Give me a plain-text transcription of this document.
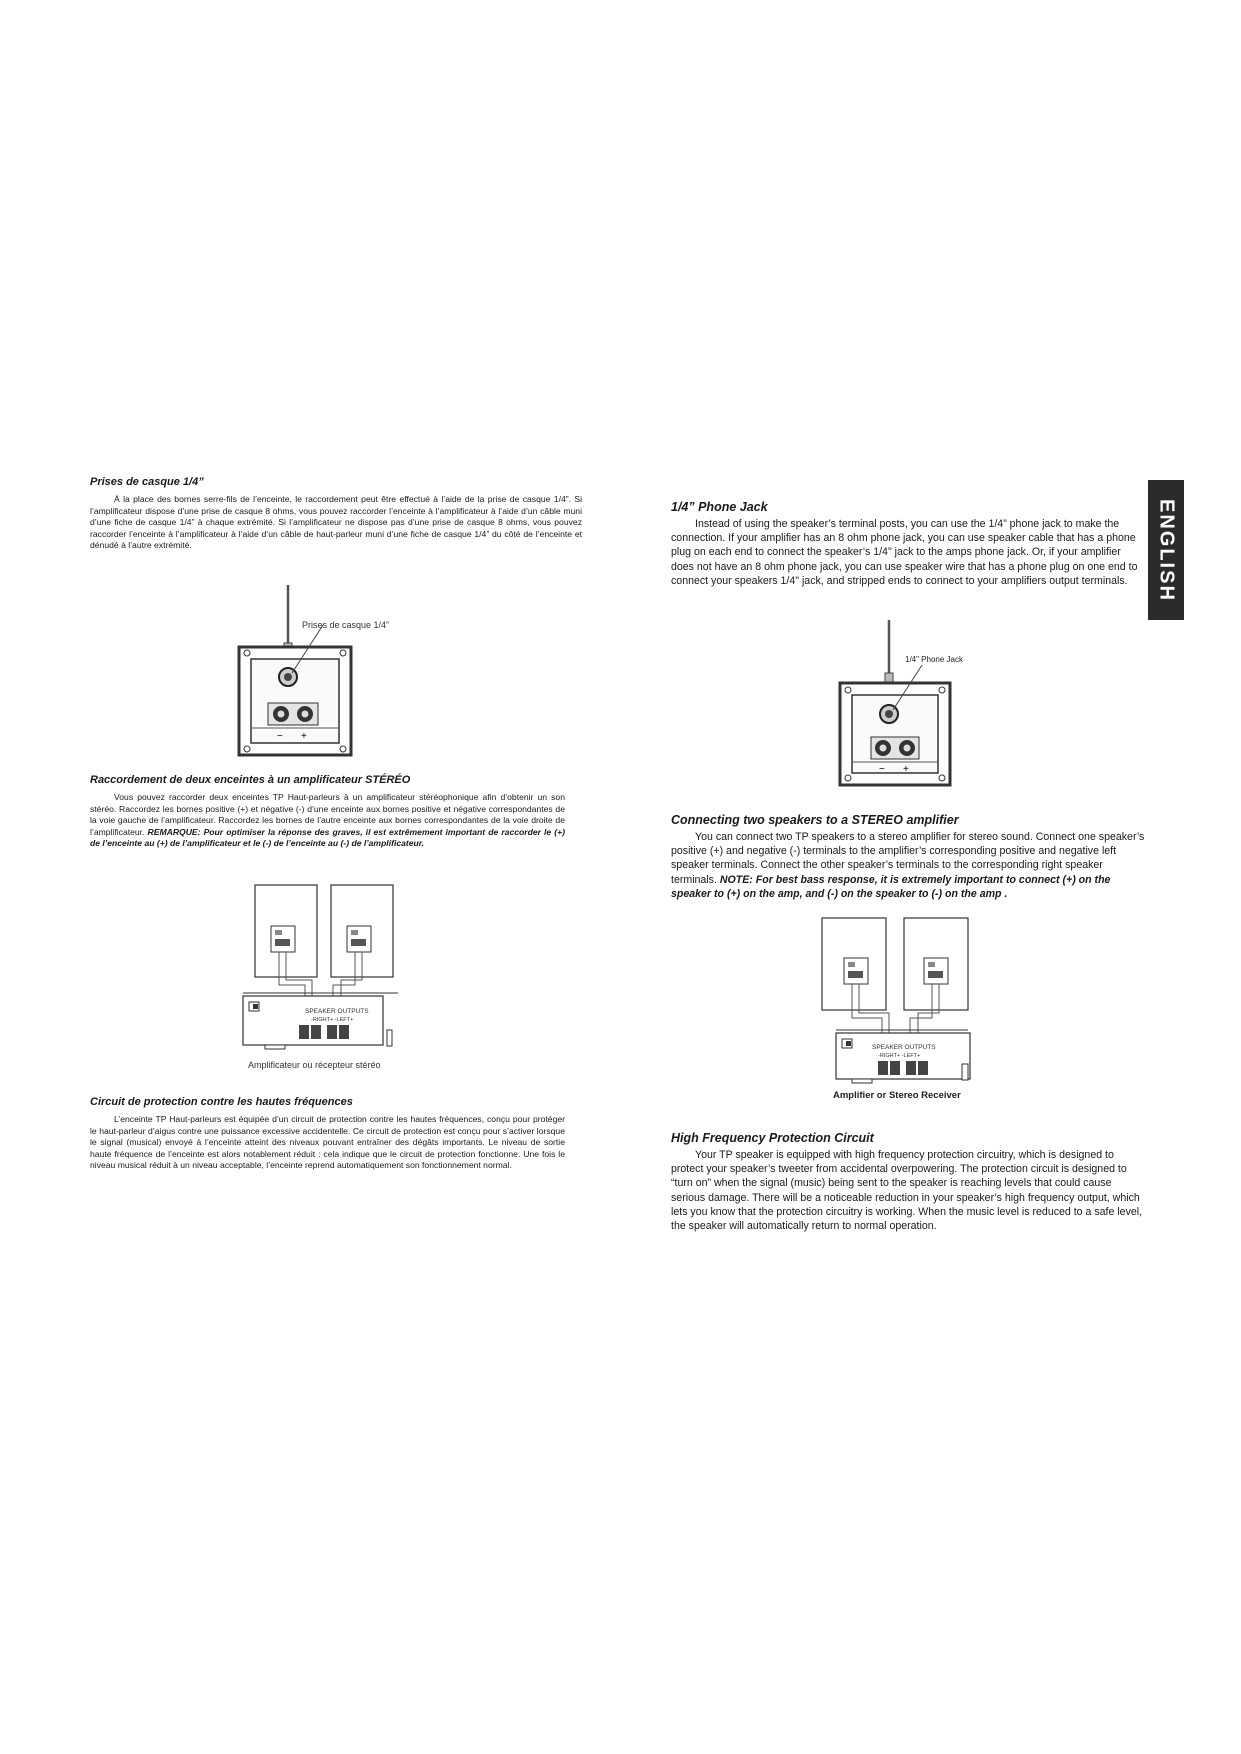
Prises de casque 1/4”
À la place des bornes serre-fils de l’enceinte, le raccordement peut être effectué à l’aide de la prise de casque 1/4”. Si l’amplificateur dispose d’une prise de casque 8 ohms, vous pouvez raccorder l’enceinte à l’amplificateur à l’aide d’un câble muni d’une fiche de casque 1/4” à chaque extrémité. Si l’amplificateur ne dispose pas d’une prise de casque 8 ohms, vous pouvez raccorder l’enceinte à l’amplificateur à l’aide d’un câble de haut-parleur muni d’une fiche de casque 1/4” du côté de l’enceinte et dénudé à l’autre extrémité.
− +
Prises de casque 1/4”
Raccordement de deux enceintes à un amplificateur STÉRÉO
Vous pouvez raccorder deux enceintes TP Haut-parleurs à un amplificateur stéréophonique afin d’obtenir un son stéréo. Raccordez les bornes positive (+) et négative (-) d’une enceinte aux bornes positive et négative correspondantes de la voie gauche de l’amplificateur. Raccordez les bornes de l’autre enceinte aux bornes correspondantes de la voie droite de l’amplificateur. REMARQUE: Pour optimiser la réponse des graves, il est extrêmement important de raccorder le (+) de l’enceinte au (+) de l’amplificateur et le (-) de l’enceinte au (-) de l’amplificateur.
SPEAKER OUTPUTS
-RIGHT+ -LEFT+
Amplificateur ou récepteur stéréo
Circuit de protection contre les hautes fréquences
L’enceinte TP Haut-parleurs est équipée d’un circuit de protection contre les hautes fréquences, conçu pour protéger le haut-parleur d’aigus contre une puissance excessive accidentelle. Ce circuit de protection est conçu pour s’activer lorsque le signal (musical) envoyé à l’enceinte atteint des niveaux pouvant entraîner des dégâts importants. Le niveau de sortie haute fréquence de l’enceinte est alors notablement réduit : cela indique que le circuit de protection fonctionne. Une fois le niveau musical réduit à un niveau acceptable, l’enceinte reprend automatiquement son fonctionnement normal.
ENGLISH
1/4” Phone Jack
Instead of using the speaker’s terminal posts, you can use the 1/4” phone jack to make the connection. If your amplifier has an 8 ohm phone jack, you can use speaker cable that has a phone plug on each end to connect the speaker’s 1/4" jack to the amps phone jack. Or, if your amplifier does not have an 8 ohm phone jack, you can use speaker wire that has a phone plug on one end to connect your speakers 1/4" jack, and stripped ends to connect to your amplifiers output terminals.
− +
1/4" Phone Jack
Connecting two speakers to a STEREO amplifier
You can connect two TP speakers to a stereo amplifier for stereo sound. Connect one speaker’s positive (+) and negative (-) terminals to the amplifier’s corresponding positive and negative left speaker terminals. Connect the other speaker’s terminals to the corresponding right speaker terminals. NOTE: For best bass response, it is extremely important to connect (+) on the speaker to (+) on the amp, and (-) on the speaker to (-) on the amp .
SPEAKER OUTPUTS
-RIGHT+ -LEFT+
Amplifier or Stereo Receiver
High Frequency Protection Circuit
Your TP speaker is equipped with high frequency protection circuitry, which is designed to protect your speaker’s tweeter from accidental overpowering. The protection circuit is designed to “turn on” when the signal (music) being sent to the speaker is reaching levels that could cause serious damage. There will be a noticeable reduction in your speaker’s high frequency output, which lets you know that the protection circuitry is working. When the music level is reduced to a safe level, the speaker will automatically return to normal operation.
